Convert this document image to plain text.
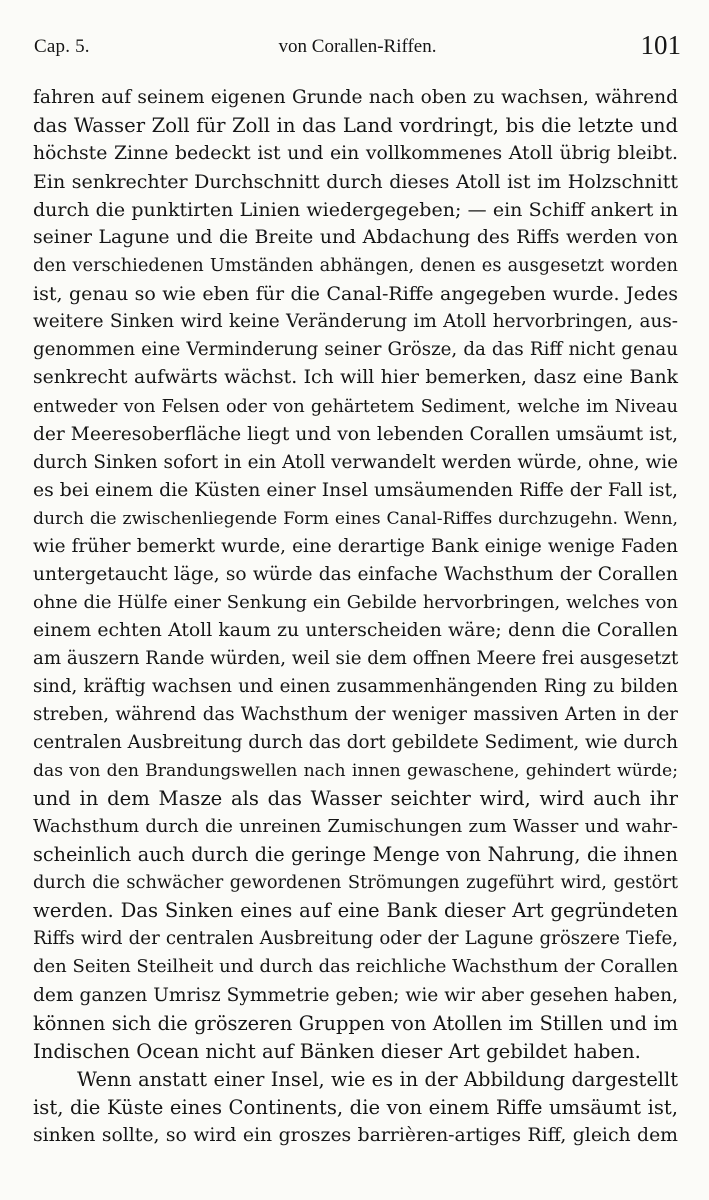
Cap. 5.	von Corallen-Riffen.	101
fahren auf seinem eigenen Grunde nach oben zu wachsen, während
das Wasser Zoll für Zoll in das Land vordringt, bis die letzte und
höchste Zinne bedeckt ist und ein vollkommenes Atoll übrig bleibt.
Ein senkrechter Durchschnitt durch dieses Atoll ist im Holzschnitt
durch die punktirten Linien wiedergegeben; — ein Schiff ankert in
seiner Lagune und die Breite und Abdachung des Riffs werden von
den verschiedenen Umständen abhängen, denen es ausgesetzt worden
ist, genau so wie eben für die Canal-Riffe angegeben wurde. Jedes
weitere Sinken wird keine Veränderung im Atoll hervorbringen, aus-
genommen eine Verminderung seiner Grösze, da das Riff nicht genau
senkrecht aufwärts wächst. Ich will hier bemerken, dasz eine Bank
entweder von Felsen oder von gehärtetem Sediment, welche im Niveau
der Meeresoberfläche liegt und von lebenden Corallen umsäumt ist,
durch Sinken sofort in ein Atoll verwandelt werden würde, ohne, wie
es bei einem die Küsten einer Insel umsäumenden Riffe der Fall ist,
durch die zwischenliegende Form eines Canal-Riffes durchzugehn. Wenn,
wie früher bemerkt wurde, eine derartige Bank einige wenige Faden
untergetaucht läge, so würde das einfache Wachsthum der Corallen
ohne die Hülfe einer Senkung ein Gebilde hervorbringen, welches von
einem echten Atoll kaum zu unterscheiden wäre; denn die Corallen
am äuszern Rande würden, weil sie dem offnen Meere frei ausgesetzt
sind, kräftig wachsen und einen zusammenhängenden Ring zu bilden
streben, während das Wachsthum der weniger massiven Arten in der
centralen Ausbreitung durch das dort gebildete Sediment, wie durch
das von den Brandungswellen nach innen gewaschene, gehindert würde;
und in dem Masze als das Wasser seichter wird, wird auch ihr
Wachsthum durch die unreinen Zumischungen zum Wasser und wahr-
scheinlich auch durch die geringe Menge von Nahrung, die ihnen
durch die schwächer gewordenen Strömungen zugeführt wird, gestört
werden. Das Sinken eines auf eine Bank dieser Art gegründeten
Riffs wird der centralen Ausbreitung oder der Lagune gröszere Tiefe,
den Seiten Steilheit und durch das reichliche Wachsthum der Corallen
dem ganzen Umrisz Symmetrie geben; wie wir aber gesehen haben,
können sich die gröszeren Gruppen von Atollen im Stillen und im
Indischen Ocean nicht auf Bänken dieser Art gebildet haben.
Wenn anstatt einer Insel, wie es in der Abbildung dargestellt
ist, die Küste eines Continents, die von einem Riffe umsäumt ist,
sinken sollte, so wird ein groszes barrièren-artiges Riff, gleich dem
